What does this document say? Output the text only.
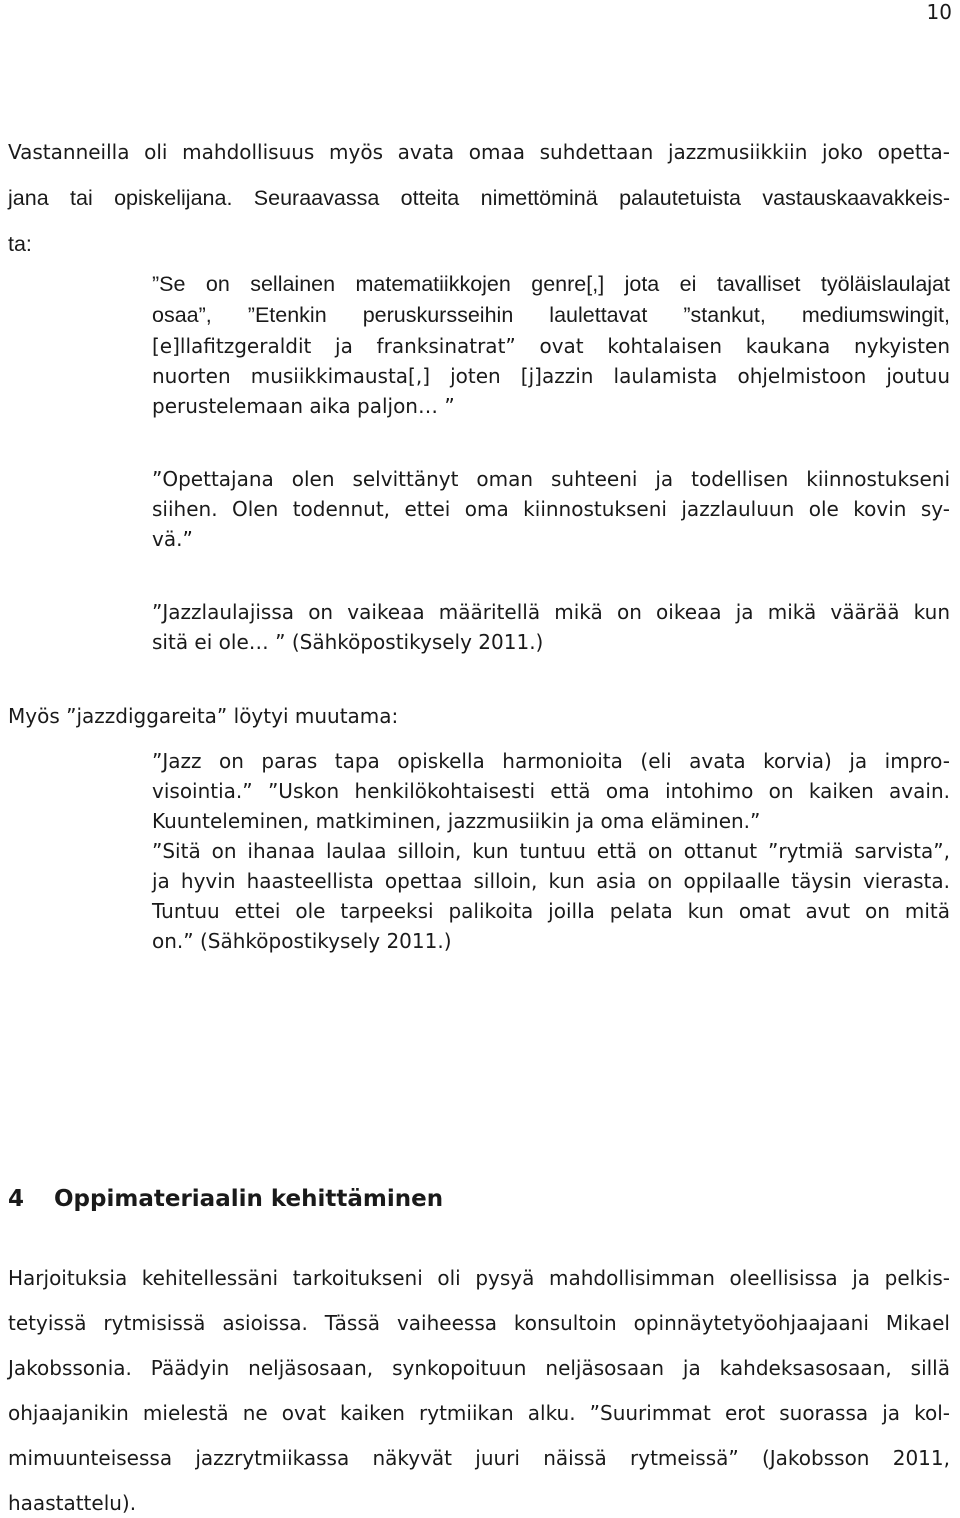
10
Vastanneilla oli mahdollisuus myös avata omaa suhdettaan jazzmusiikkiin joko opetta-
jana tai opiskelijana. Seuraavassa otteita nimettöminä palautetuista vastauskaavakkeis-
ta:
”Se on sellainen matematiikkojen genre[,] jota ei tavalliset työläislaulajat
osaa”, ”Etenkin peruskursseihin laulettavat ”stankut, mediumswingit,
[e]llafitzgeraldit ja franksinatrat” ovat kohtalaisen kaukana nykyisten
nuorten musiikkimausta[,] joten [j]azzin laulamista ohjelmistoon joutuu
perustelemaan aika paljon… ”
”Opettajana olen selvittänyt oman suhteeni ja todellisen kiinnostukseni
siihen. Olen todennut, ettei oma kiinnostukseni jazzlauluun ole kovin sy-
vä.”
”Jazzlaulajissa on vaikeaa määritellä mikä on oikeaa ja mikä väärää kun
sitä ei ole… ” (Sähköpostikysely 2011.)
Myös ”jazzdiggareita” löytyi muutama:
”Jazz on paras tapa opiskella harmonioita (eli avata korvia) ja impro-
visointia.” ”Uskon henkilökohtaisesti että oma intohimo on kaiken avain.
Kuunteleminen, matkiminen, jazzmusiikin ja oma eläminen.”
”Sitä on ihanaa laulaa silloin, kun tuntuu että on ottanut ”rytmiä sarvista”,
ja hyvin haasteellista opettaa silloin, kun asia on oppilaalle täysin vierasta.
Tuntuu ettei ole tarpeeksi palikoita joilla pelata kun omat avut on mitä
on.” (Sähköpostikysely 2011.)
4 Oppimateriaalin kehittäminen
Harjoituksia kehitellessäni tarkoitukseni oli pysyä mahdollisimman oleellisissa ja pelkis-
tetyissä rytmisissä asioissa. Tässä vaiheessa konsultoin opinnäytetyöohjaajaani Mikael
Jakobssonia. Päädyin neljäsosaan, synkopoituun neljäsosaan ja kahdeksasosaan, sillä
ohjaajanikin mielestä ne ovat kaiken rytmiikan alku. ”Suurimmat erot suorassa ja kol-
mimuunteisessa jazzrytmiikassa näkyvät juuri näissä rytmeissä” (Jakobsson 2011,
haastattelu).
